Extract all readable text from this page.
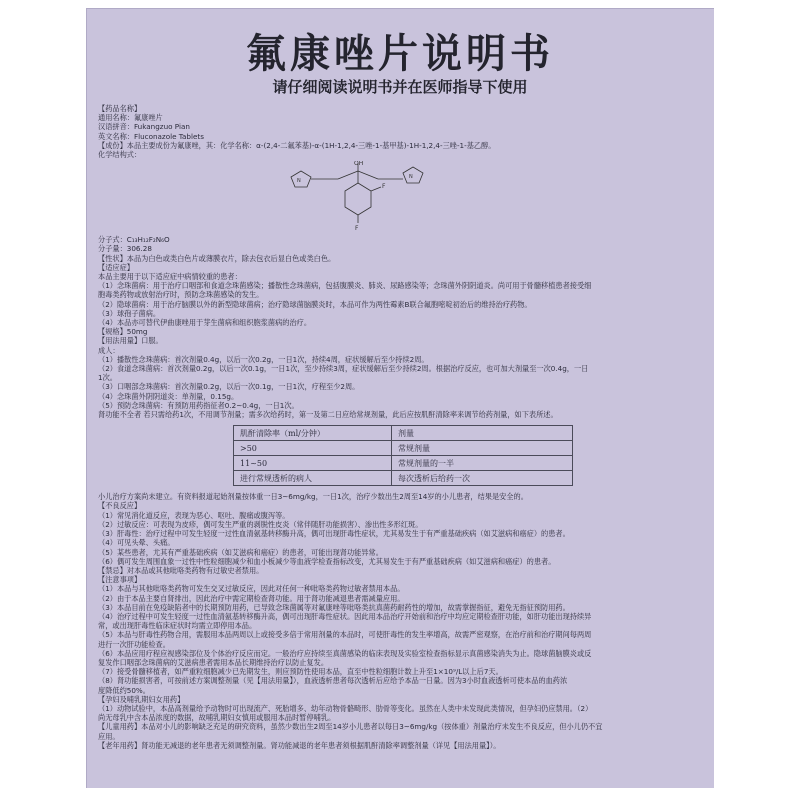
氟康唑片说明书
请仔细阅读说明书并在医师指导下使用

【药品名称】

通用名称：氟康唑片

汉语拼音：Fukangzuo Pian

英文名称：Fluconazole Tablets

【成份】本品主要成份为氟康唑，其：化学名称：α-(2,4-二氟苯基)-α-(1H-1,2,4-三唑-1-基甲基)-1H-1,2,4-三唑-1-基乙醇。

化学结构式：

OH
F
F
N
N

分子式：C₁₃H₁₂F₂N₆O

分子量：306.28

【性状】本品为白色或类白色片或薄膜衣片，除去包衣后显白色或类白色。

【适应症】

本品主要用于以下适应症中病情较重的患者：

（1）念珠菌病：用于治疗口咽部和食道念珠菌感染；播散性念珠菌病，包括腹膜炎、肺炎、尿路感染等；念珠菌外阴阴道炎。尚可用于骨髓移植患者接受细

胞毒类药物或放射治疗时，预防念珠菌感染的发生。

（2）隐球菌病：用于治疗脑膜以外的新型隐球菌病；治疗隐球菌脑膜炎时，本品可作为两性霉素B联合氟胞嘧啶初治后的维持治疗药物。

（3）球孢子菌病。

（4）本品亦可替代伊曲康唑用于芽生菌病和组织胞浆菌病的治疗。

【规格】50mg

【用法用量】口服。

成人：

（1）播散性念珠菌病：首次剂量0.4g，以后一次0.2g，一日1次，持续4周，症状缓解后至少持续2周。

（2）食道念珠菌病：首次剂量0.2g，以后一次0.1g，一日1次，至少持续3周，症状缓解后至少持续2周。根据治疗反应，也可加大剂量至一次0.4g，一日

1次。

（3）口咽部念珠菌病：首次剂量0.2g，以后一次0.1g，一日1次，疗程至少2周。

（4）念珠菌外阴阴道炎：单剂量，0.15g。

（5）预防念珠菌病：有预防用药指征者0.2~0.4g，一日1次。

肾功能不全者 若只需给药1次，不用调节剂量；需多次给药时，第一及第二日应给常规剂量，此后应按肌酐清除率来调节给药剂量，如下表所述。

肌酐清除率（ml/分钟）	剂量
>50	常规剂量
11~50	常规剂量的一半
进行常规透析的病人	每次透析后给药一次

小儿治疗方案尚未建立。有资料报道起始剂量按体重一日3~6mg/kg，一日1次，治疗少数出生2周至14岁的小儿患者，结果是安全的。

【不良反应】

（1）常见消化道反应，表现为恶心、呕吐、腹痛或腹泻等。

（2）过敏反应：可表现为皮疹，偶可发生严重的剥脱性皮炎（常伴随肝功能损害）、渗出性多形红斑。

（3）肝毒性：治疗过程中可发生轻度一过性血清氨基转移酶升高，偶可出现肝毒性症状，尤其易发生于有严重基础疾病（如艾滋病和癌症）的患者。

（4）可见头晕、头痛。

（5）某些患者，尤其有严重基础疾病（如艾滋病和癌症）的患者，可能出现肾功能异常。

（6）偶可发生周围血象一过性中性粒细胞减少和血小板减少等血液学检查指标改变，尤其易发生于有严重基础疾病（如艾滋病和癌症）的患者。

【禁忌】对本品或其他吡咯类药物有过敏史者禁用。

【注意事项】

（1）本品与其他吡咯类药物可发生交叉过敏反应，因此对任何一种吡咯类药物过敏者禁用本品。

（2）由于本品主要自肾排出，因此治疗中需定期检查肾功能。用于肾功能减退患者需减量应用。

（3）本品目前在免疫缺陷者中的长期预防用药，已导致念珠菌属等对氟康唑等吡咯类抗真菌药耐药性的增加，故需掌握指征，避免无指征预防用药。

（4）治疗过程中可发生轻度一过性血清氨基转移酶升高，偶可出现肝毒性症状。因此用本品治疗开始前和治疗中均应定期检查肝功能，如肝功能出现持续异

常，或出现肝毒性临床症状时均需立即停用本品。

（5）本品与肝毒性药物合用，需服用本品两周以上或接受多倍于常用剂量的本品时，可使肝毒性的发生率增高，故需严密观察，在治疗前和治疗期间每两周

进行一次肝功能检查。

（6）本品应用疗程应视感染部位及个体治疗反应而定。一般治疗应持续至真菌感染的临床表现及实验室检查指标显示真菌感染消失为止。隐球菌脑膜炎或反

复发作口咽部念珠菌病的艾滋病患者需用本品长期维持治疗以防止复发。

（7）接受骨髓移植者，如严重粒细胞减少已先期发生，则应预防性使用本品，直至中性粒细胞计数上升至1×10⁹/L以上后7天。

（8）肾功能损害者，可按前述方案调整剂量（见【用法用量】），血液透析患者每次透析后应给予本品一日量。因为3小时血液透析可使本品的血药浓

度降低约50%。

【孕妇及哺乳期妇女用药】

（1）动物试验中，本品高剂量给予动物时可出现流产、死胎增多、幼年动物骨骼畸形、肋骨等变化。虽然在人类中未发现此类情况，但孕妇仍应禁用。（2）

尚无母乳中含本品浓度的数据，故哺乳期妇女慎用或服用本品时暂停哺乳。

【儿童用药】本品对小儿的影响缺乏充足的研究资料，虽然少数出生2周至14岁小儿患者以每日3~6mg/kg（按体重）剂量治疗未发生不良反应，但小儿仍不宜

应用。

【老年用药】肾功能无减退的老年患者无须调整剂量。肾功能减退的老年患者须根据肌酐清除率调整剂量（详见【用法用量】）。
